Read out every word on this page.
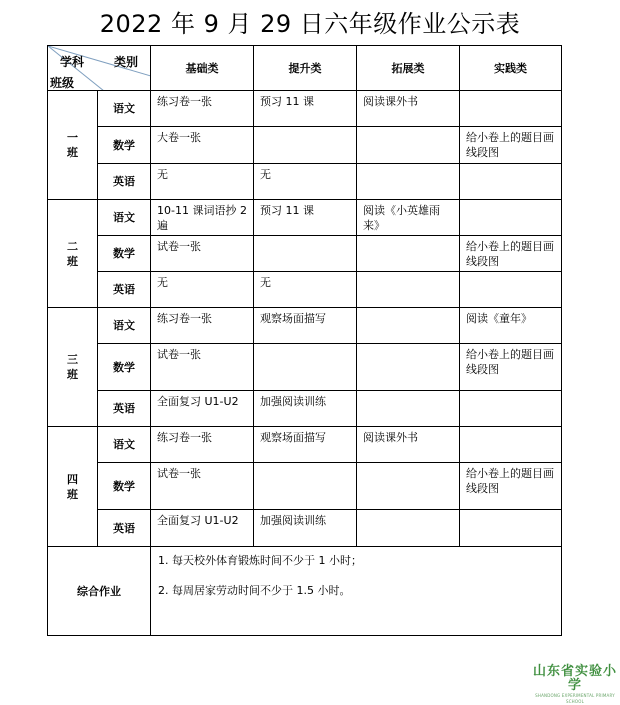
2022 年 9 月 29 日六年级作业公示表
学科 类别
班级		基础类	提升类	拓展类	实践类
一班	语文	练习卷一张	预习 11 课	阅读课外书	
	数学	大卷一张			给小卷上的题目画线段图
	英语	无	无		
二班	语文	10-11 课词语抄 2 遍	预习 11 课	阅读《小英雄雨来》	
	数学	试卷一张			给小卷上的题目画线段图
	英语	无	无		
三班	语文	练习卷一张	观察场面描写		阅读《童年》
	数学	试卷一张			给小卷上的题目画线段图
	英语	全面复习 U1-U2	加强阅读训练		
四班	语文	练习卷一张	观察场面描写	阅读课外书	
	数学	试卷一张			给小卷上的题目画线段图
	英语	全面复习 U1-U2	加强阅读训练		
综合作业		1. 每天校外体育锻炼时间不少于 1 小时；
2. 每周居家劳动时间不少于 1.5 小时。			
山东省实验小学
SHANDONG EXPERIMENTAL PRIMARY SCHOOL
